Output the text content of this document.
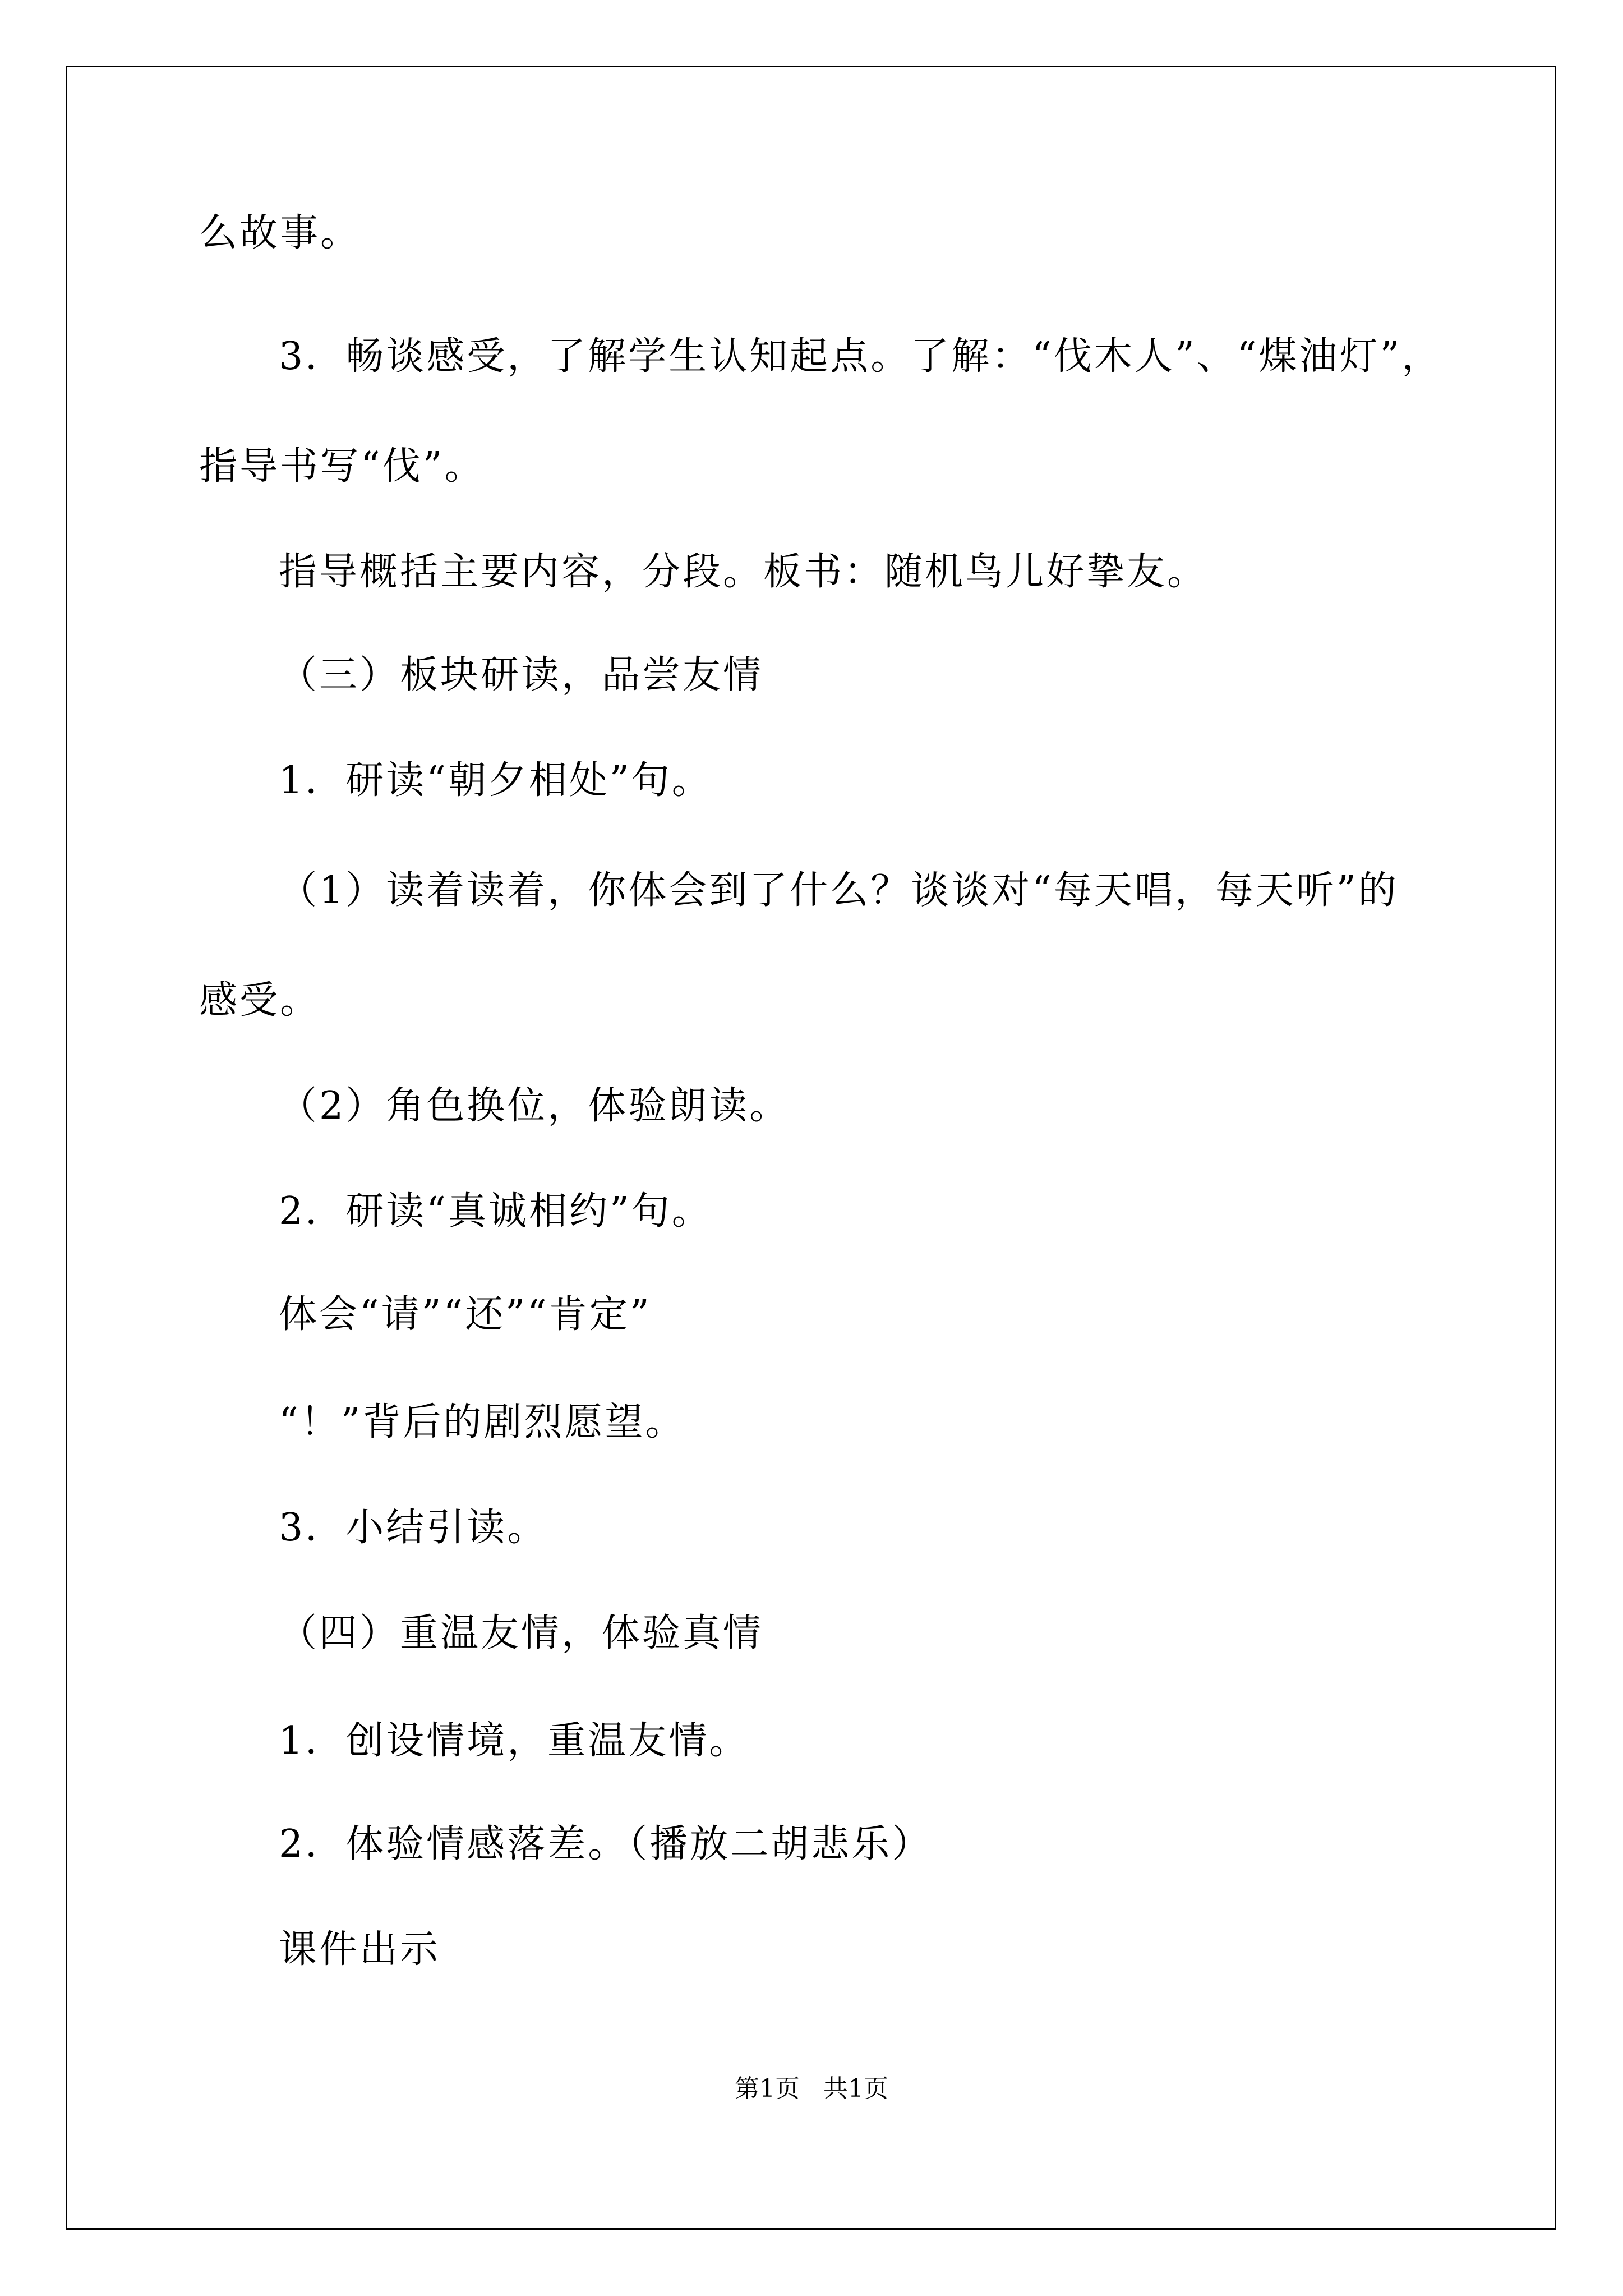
么故事。
3．畅谈感受，了解学生认知起点。了解：“伐木人”、“煤油灯”，
指导书写“伐”。
指导概括主要内容，分段。板书：随机鸟儿好挚友。
（三）板块研读，品尝友情
1．研读“朝夕相处”句。
（1）读着读着，你体会到了什么？谈谈对“每天唱，每天听”的
感受。
（2）角色换位，体验朗读。
2．研读“真诚相约”句。
体会“请”“还”“肯定”
“！”背后的剧烈愿望。
3．小结引读。
（四）重温友情，体验真情
1．创设情境，重温友情。
2．体验情感落差。（播放二胡悲乐）
课件出示
第1页   共1页
